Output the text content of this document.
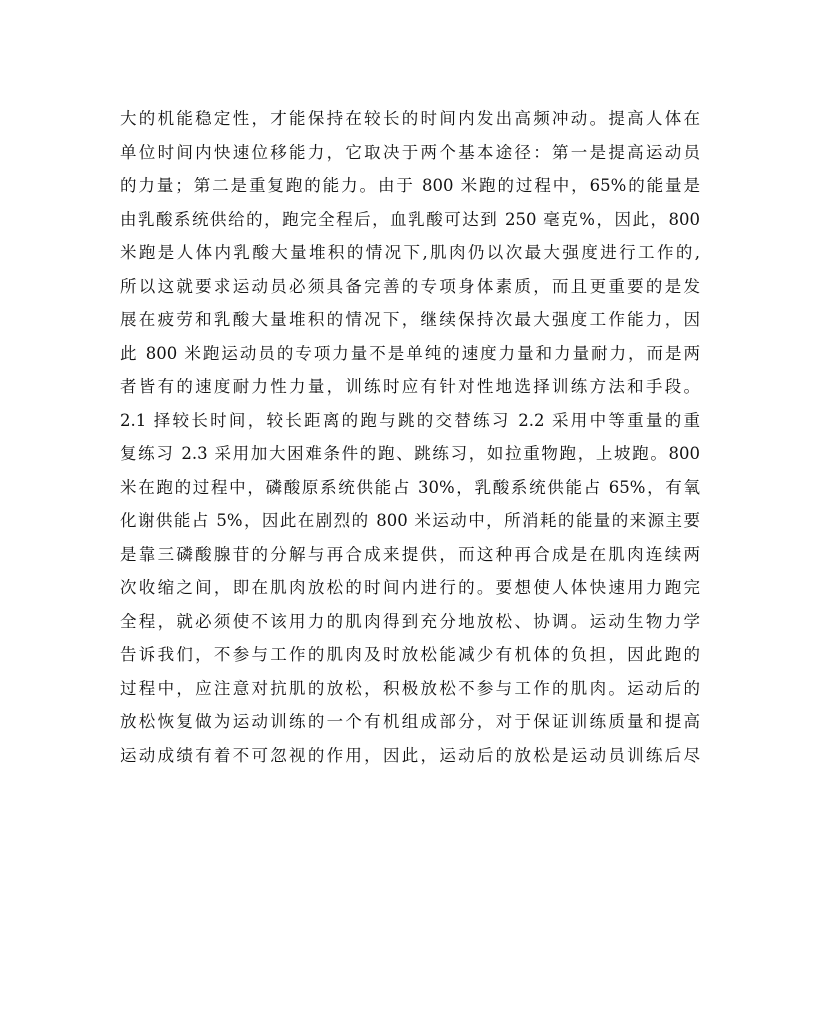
大的机能稳定性，才能保持在较长的时间内发出高频冲动。提高人体在
单位时间内快速位移能力，它取决于两个基本途径：第一是提高运动员
的力量；第二是重复跑的能力。由于 800 米跑的过程中，65%的能量是
由乳酸系统供给的，跑完全程后，血乳酸可达到 250 毫克%，因此，800
米跑是人体内乳酸大量堆积的情况下,肌肉仍以次最大强度进行工作的,
所以这就要求运动员必须具备完善的专项身体素质，而且更重要的是发
展在疲劳和乳酸大量堆积的情况下，继续保持次最大强度工作能力，因
此 800 米跑运动员的专项力量不是单纯的速度力量和力量耐力，而是两
者皆有的速度耐力性力量，训练时应有针对性地选择训练方法和手段。
2.1 择较长时间，较长距离的跑与跳的交替练习 2.2 采用中等重量的重
复练习 2.3 采用加大困难条件的跑、跳练习，如拉重物跑，上坡跑。800
米在跑的过程中，磷酸原系统供能占 30%，乳酸系统供能占 65%，有氧
化谢供能占 5%，因此在剧烈的 800 米运动中，所消耗的能量的来源主要
是靠三磷酸腺苷的分解与再合成来提供，而这种再合成是在肌肉连续两
次收缩之间，即在肌肉放松的时间内进行的。要想使人体快速用力跑完
全程，就必须使不该用力的肌肉得到充分地放松、协调。运动生物力学
告诉我们，不参与工作的肌肉及时放松能减少有机体的负担，因此跑的
过程中，应注意对抗肌的放松，积极放松不参与工作的肌肉。运动后的
放松恢复做为运动训练的一个有机组成部分，对于保证训练质量和提高
运动成绩有着不可忽视的作用，因此，运动后的放松是运动员训练后尽
